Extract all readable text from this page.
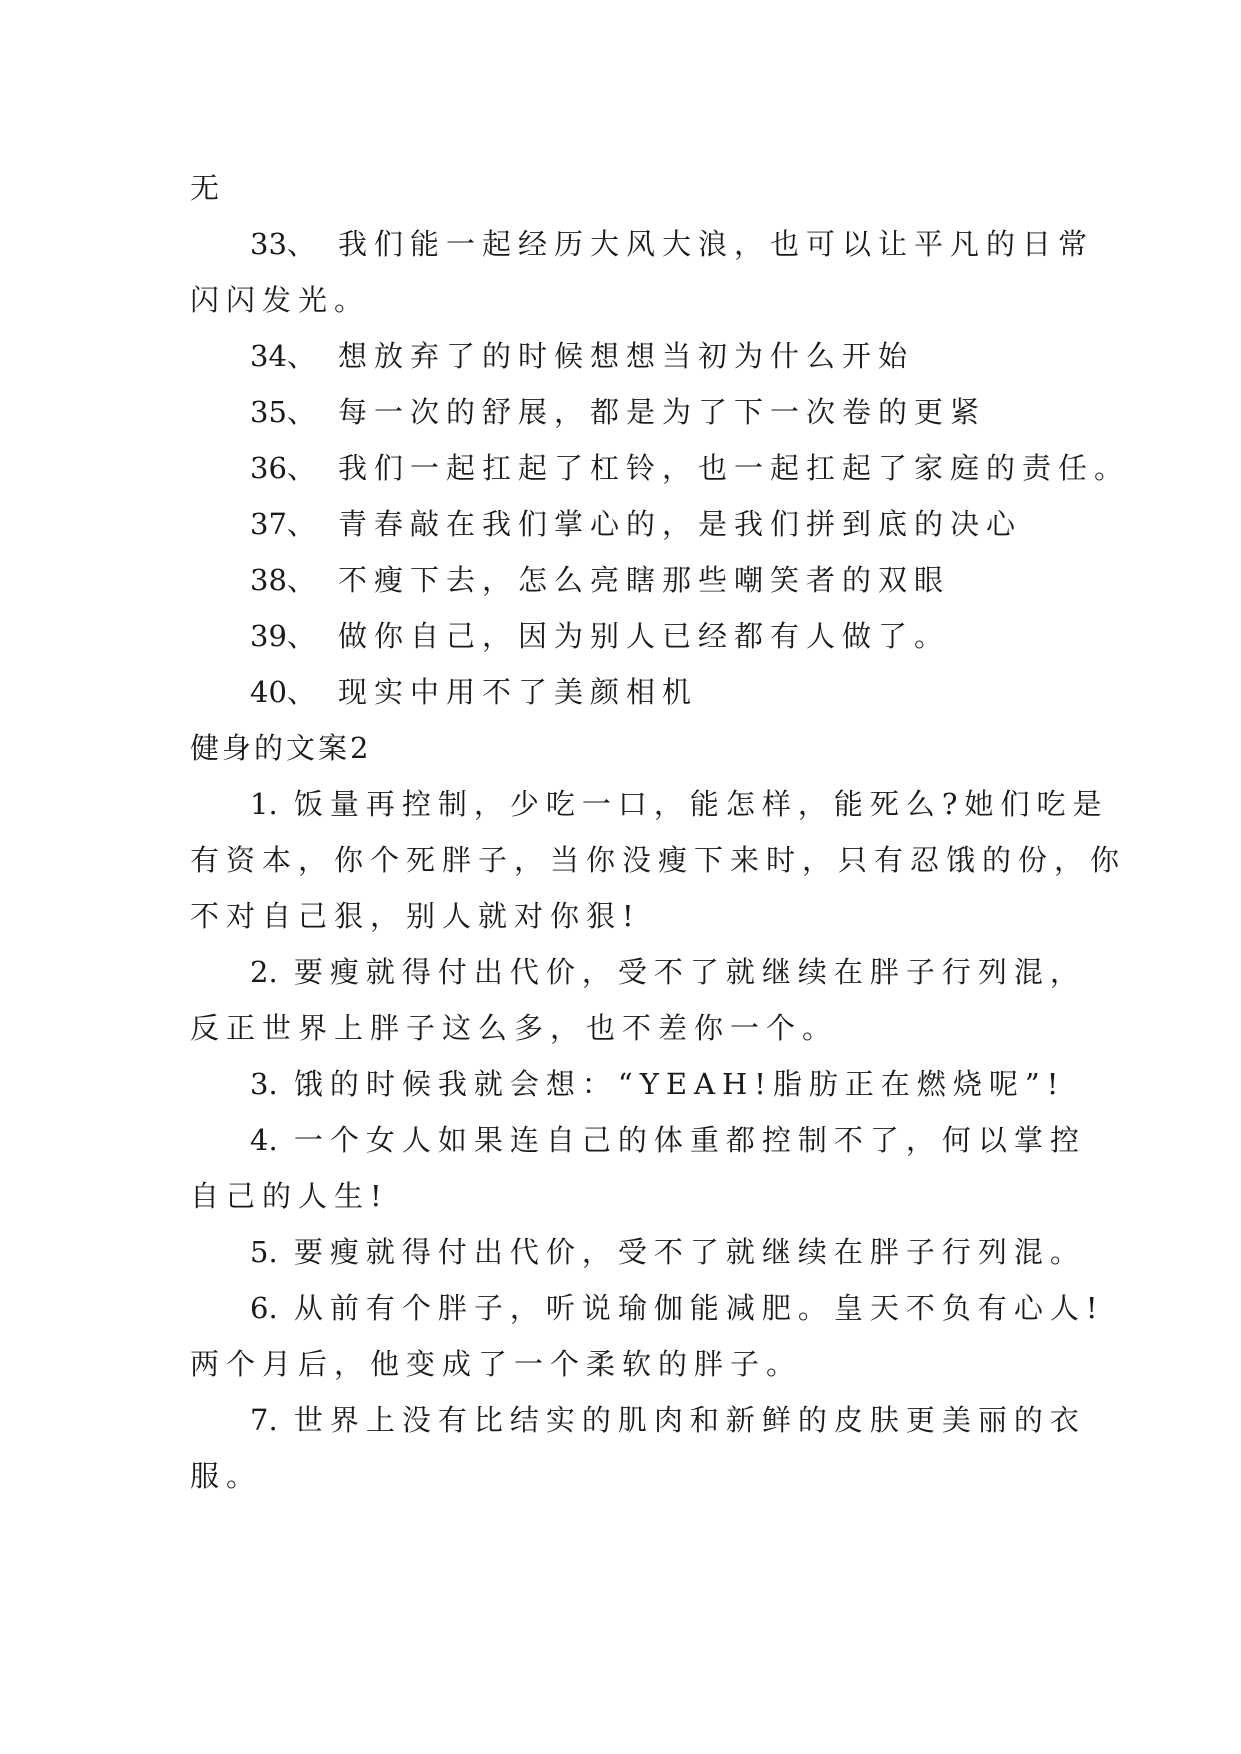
无
33、 我们能一起经历大风大浪，也可以让平凡的日常
闪闪发光。
34、 想放弃了的时候想想当初为什么开始
35、 每一次的舒展，都是为了下一次卷的更紧
36、 我们一起扛起了杠铃，也一起扛起了家庭的责任。
37、 青春敲在我们掌心的，是我们拼到底的决心
38、 不瘦下去，怎么亮瞎那些嘲笑者的双眼
39、 做你自己，因为别人已经都有人做了。
40、 现实中用不了美颜相机
健身的文案2
1. 饭量再控制，少吃一口，能怎样，能死么?她们吃是
有资本，你个死胖子，当你没瘦下来时，只有忍饿的份，你
不对自己狠，别人就对你狠!
2. 要瘦就得付出代价，受不了就继续在胖子行列混，
反正世界上胖子这么多，也不差你一个。
3. 饿的时候我就会想：“YEAH!脂肪正在燃烧呢”!
4. 一个女人如果连自己的体重都控制不了，何以掌控
自己的人生!
5. 要瘦就得付出代价，受不了就继续在胖子行列混。
6. 从前有个胖子，听说瑜伽能减肥。皇天不负有心人!
两个月后，他变成了一个柔软的胖子。
7. 世界上没有比结实的肌肉和新鲜的皮肤更美丽的衣
服。
